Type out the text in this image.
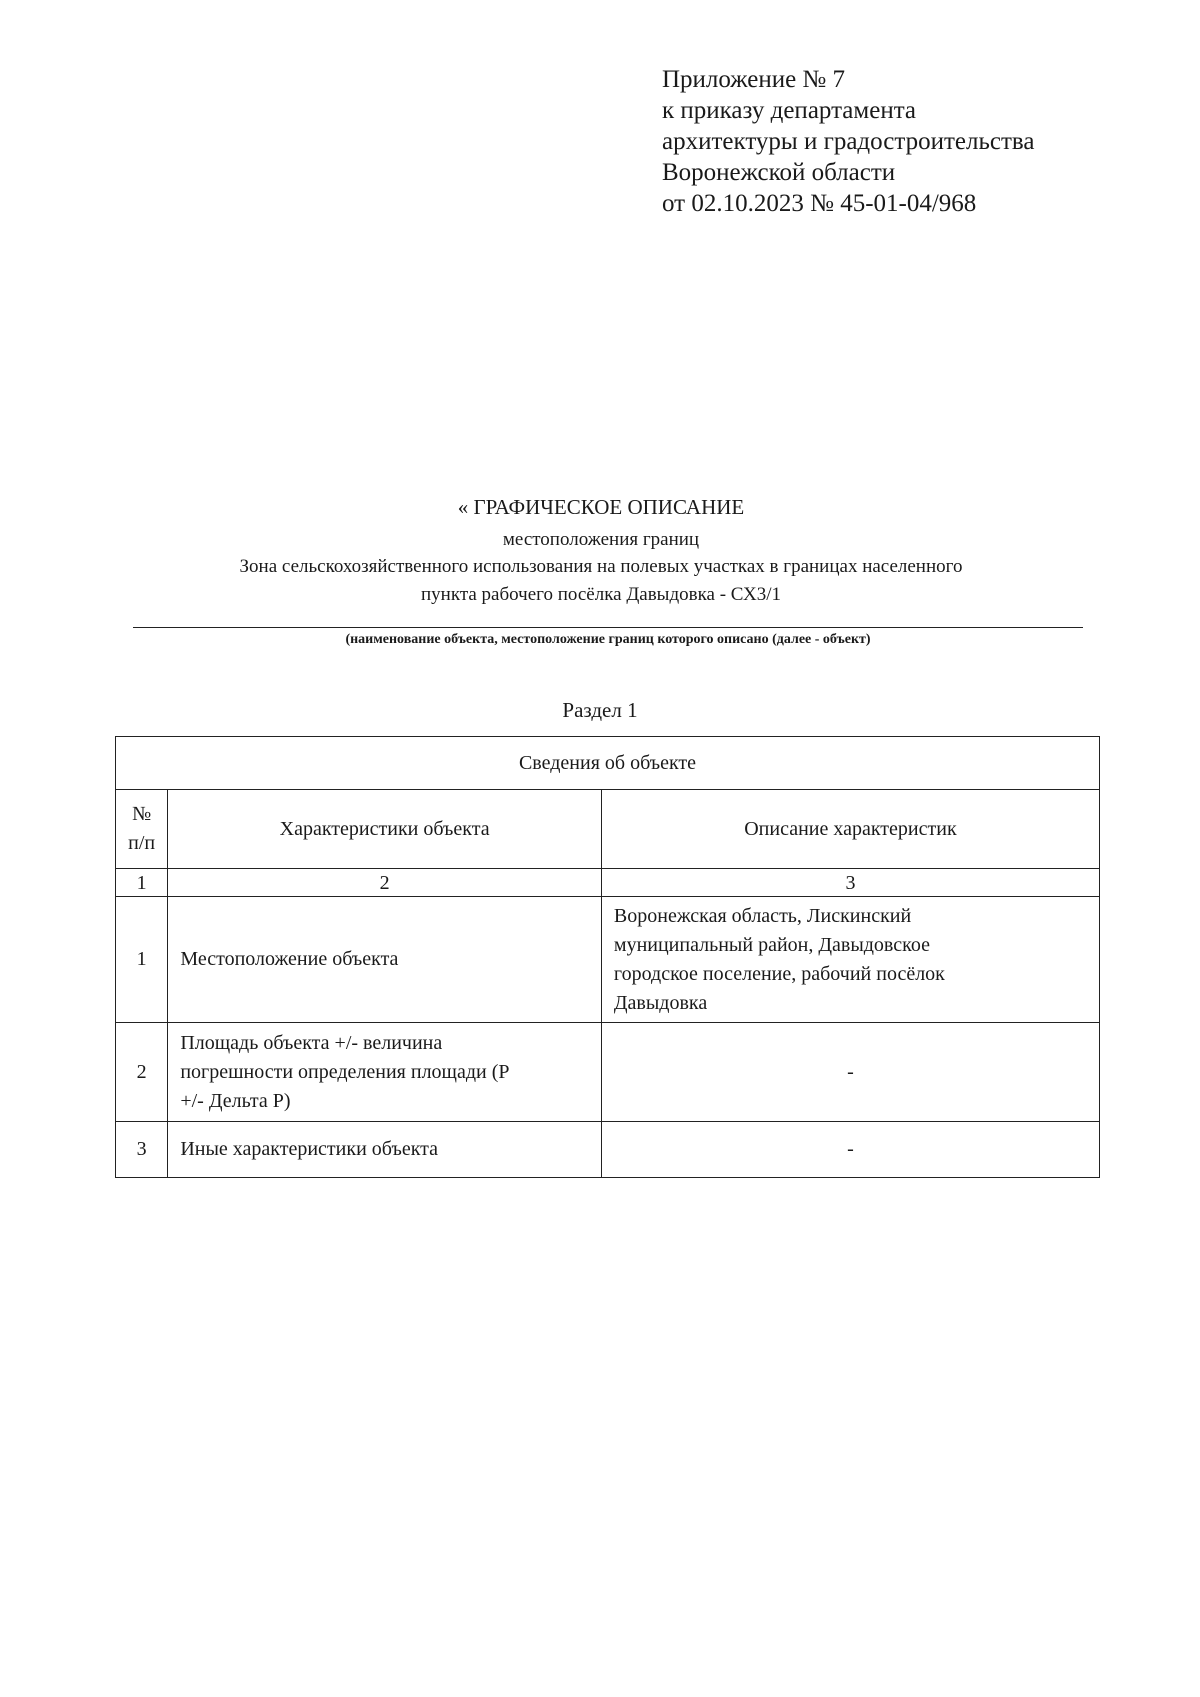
Приложение № 7
к приказу департамента
архитектуры и градостроительства
Воронежской области
от 02.10.2023 № 45-01-04/968
« ГРАФИЧЕСКОЕ ОПИСАНИЕ
местоположения границ
Зона сельскохозяйственного использования на полевых участках в границах населенного
пункта рабочего посёлка Давыдовка - СХ3/1
(наименование объекта, местоположение границ которого описано (далее - объект)
Раздел 1
Сведения об объекте		

№
п/п	Характеристики объекта	Описание характеристик
1	2	3
1	Местоположение объекта	Воронежская область, Лискинский
муниципальный район, Давыдовское
городское поселение, рабочий посёлок
Давыдовка

2	Площадь объекта +/- величина
погрешности определения площади (Р
+/- Дельта Р)	-
3	Иные характеристики объекта	-
